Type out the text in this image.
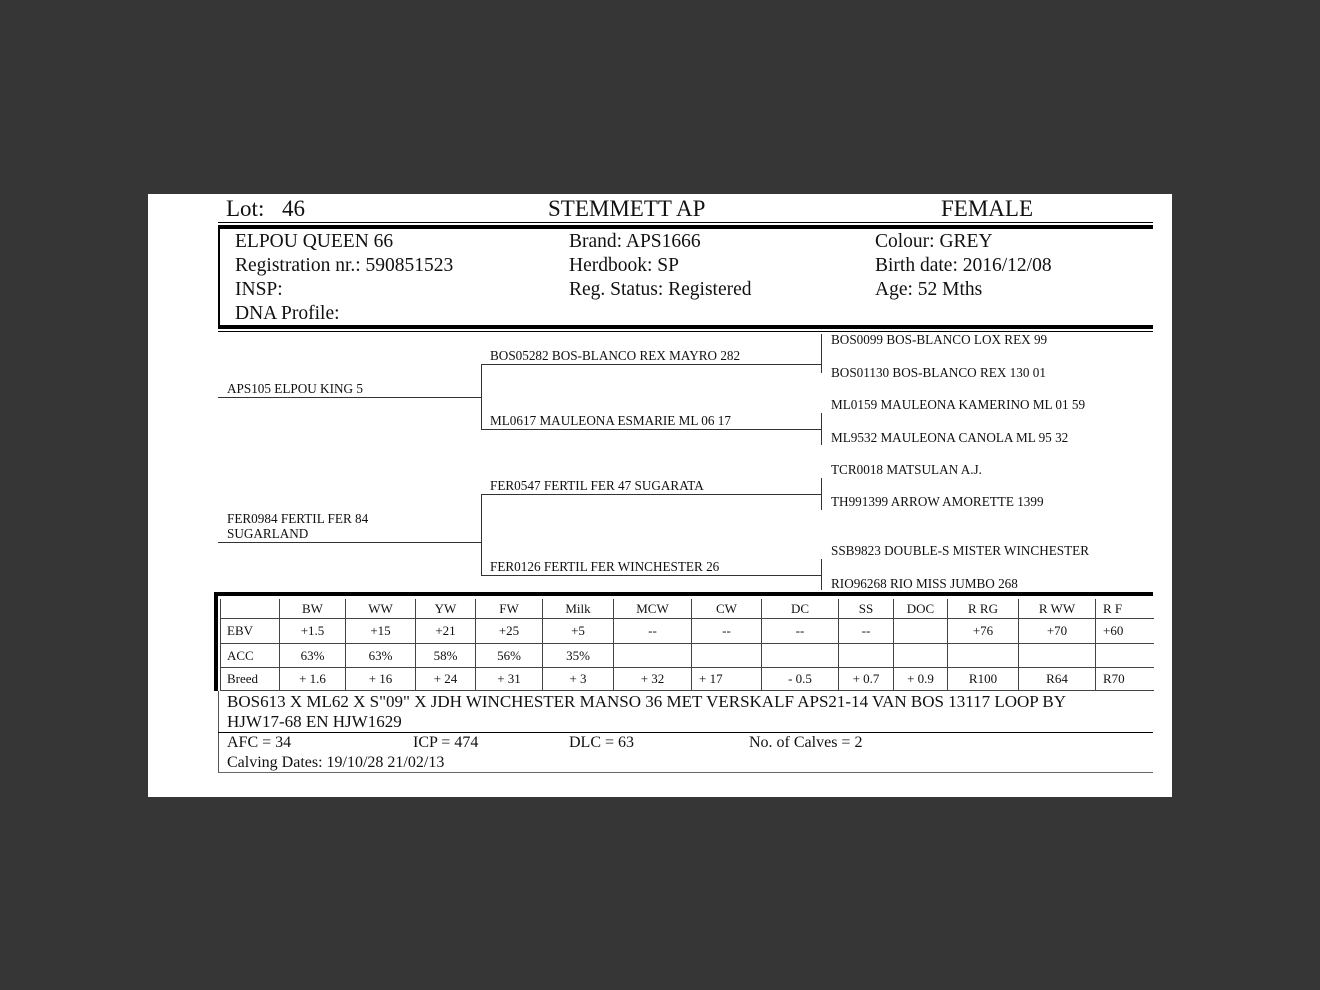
Lot: 46	STEMMETT AP	FEMALE
ELPOU QUEEN 66
Registration nr.: 590851523
INSP:
DNA Profile:
Brand: APS1666
Herdbook: SP
Reg. Status: Registered
Colour: GREY
Birth date: 2016/12/08
Age: 52 Mths
APS105 ELPOU KING 5
FER0984 FERTIL FER 84
SUGARLAND
BOS05282 BOS-BLANCO REX MAYRO 282
ML0617 MAULEONA ESMARIE ML 06 17
FER0547 FERTIL FER 47 SUGARATA
FER0126 FERTIL FER WINCHESTER 26
BOS0099 BOS-BLANCO LOX REX 99
BOS01130 BOS-BLANCO REX 130 01
ML0159 MAULEONA KAMERINO ML 01 59
ML9532 MAULEONA CANOLA ML 95 32
TCR0018 MATSULAN A.J.
TH991399 ARROW AMORETTE 1399
SSB9823 DOUBLE-S MISTER WINCHESTER
RIO96268 RIO MISS JUMBO 268
	BW	WW	YW	FW	Milk	MCW	CW	DC	SS	DOC	R RG	R WW	R F
EBV	+1.5	+15	+21	+25	+5	--	--	--	--		+76	+70	+60
ACC	63%	63%	58%	56%	35%								
Breed	+ 1.6	+ 16	+ 24	+ 31	+ 3	+ 32	+ 17	- 0.5	+ 0.7	+ 0.9	R100	R64	R70
BOS613 X ML62 X S"09" X JDH WINCHESTER MANSO 36 MET VERSKALF APS21-14 VAN BOS 13117 LOOP BY
HJW17-68 EN HJW1629
AFC = 34	ICP = 474	DLC = 63	No. of Calves = 2
Calving Dates: 19/10/28 21/02/13
